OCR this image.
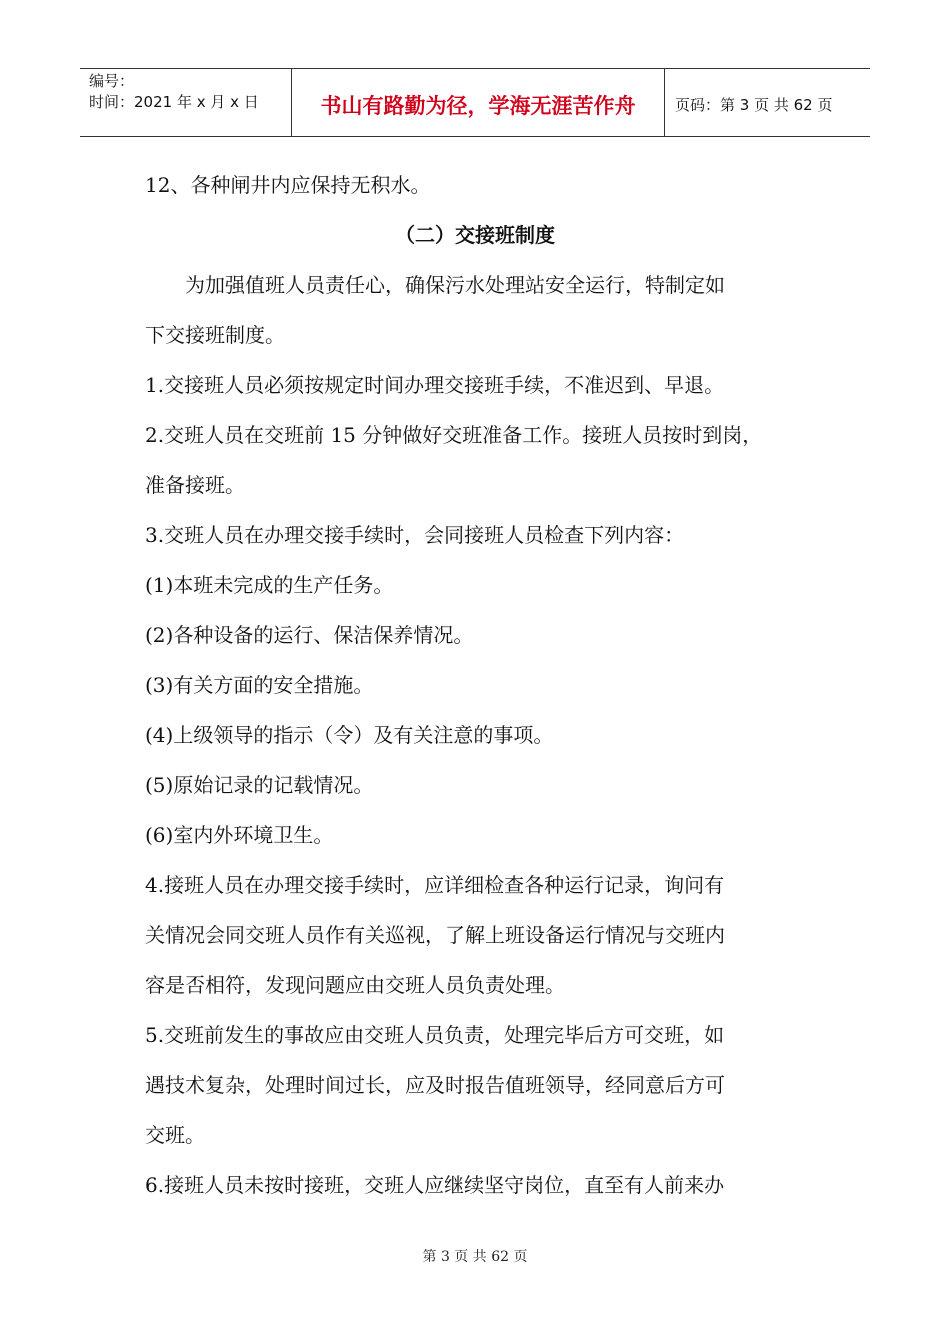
编号：
时间：2021 年 x 月 x 日	书山有路勤为径，学海无涯苦作舟	页码：第 3 页 共 62 页
12、各种闸井内应保持无积水。
（二）交接班制度
为加强值班人员责任心，确保污水处理站安全运行，特制定如
下交接班制度。
1.交接班人员必须按规定时间办理交接班手续，不准迟到、早退。
2.交班人员在交班前 15 分钟做好交班准备工作。接班人员按时到岗，
准备接班。
3.交班人员在办理交接手续时，会同接班人员检查下列内容：
(1)本班未完成的生产任务。
(2)各种设备的运行、保洁保养情况。
(3)有关方面的安全措施。
(4)上级领导的指示（令）及有关注意的事项。
(5)原始记录的记载情况。
(6)室内外环境卫生。
4.接班人员在办理交接手续时，应详细检查各种运行记录，询问有
关情况会同交班人员作有关巡视，了解上班设备运行情况与交班内
容是否相符，发现问题应由交班人员负责处理。
5.交班前发生的事故应由交班人员负责，处理完毕后方可交班，如
遇技术复杂，处理时间过长，应及时报告值班领导，经同意后方可
交班。
6.接班人员未按时接班，交班人应继续坚守岗位，直至有人前来办
第 3 页 共 62 页
